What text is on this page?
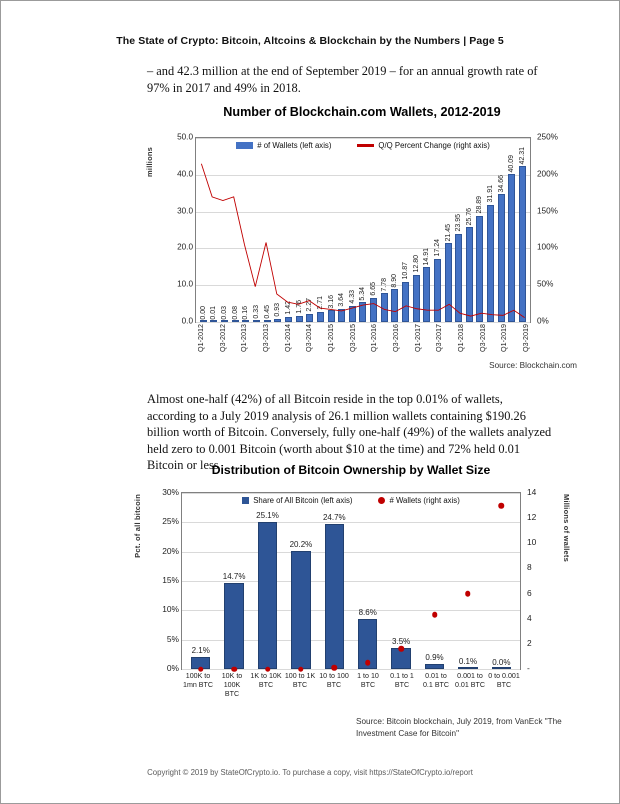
The State of Crypto: Bitcoin, Altcoins & Blockchain by the Numbers | Page 5
– and 42.3 million at the end of September 2019 – for an annual growth rate of 97% in 2017 and 49% in 2018.
Number of Blockchain.com Wallets, 2012-2019
millions
0.0
10.0
20.0
30.0
40.0
50.0
0%
50%
100%
150%
200%
250%
# of Wallets (left axis)	Q/Q Percent Change (right axis)
0.00 0.01 0.03 0.08 0.16 0.33 0.45 0.93 1.42 1.76 2.27 2.71 3.16 3.64 4.33 5.34 6.65 7.78 8.90
10.87 12.80 14.91 17.24
21.45
23.95 25.76
28.89
31.91
34.66
40.09 42.31
Q1-2012 Q3-2012 Q1-2013 Q3-2013 Q1-2014 Q3-2014 Q1-2015 Q3-2015 Q1-2016 Q3-2016 Q1-2017 Q3-2017 Q1-2018 Q3-2018 Q1-2019 Q3-2019
Source: Blockchain.com
Almost one-half (42%) of all Bitcoin reside in the top 0.01% of wallets, according to a July 2019 analysis of 26.1 million wallets containing $190.26 billion worth of Bitcoin. Conversely, fully one-half (49%) of the wallets analyzed held zero to 0.001 Bitcoin (worth about $10 at the time) and 72% held 0.01 Bitcoin or less
Distribution of Bitcoin Ownership by Wallet Size
Pct. of all bitcoin	Millions of wallets
0%
5%
10%
15%
20%
25%
30%
-
2
4
6
8
10
12
14
Share of All Bitcoin (left axis)	# Wallets (right axis)
2.1%
14.7%
25.1%
20.2%
24.7%
8.6%
3.5%
0.9%
0.1% 0.0%
100K to 1mn BTC
10K to 100K BTC
1K to 10K BTC
100 to 1K BTC
10 to 100 BTC
1 to 10 BTC
0.1 to 1 BTC
0.01 to 0.1 BTC
0.001 to 0.01 BTC
0 to 0.001 BTC
Source: Bitcoin blockchain, July 2019, from VanEck "The Investment Case for Bitcoin"
Copyright © 2019 by StateOfCrypto.io. To purchase a copy, visit https://StateOfCrypto.io/report
